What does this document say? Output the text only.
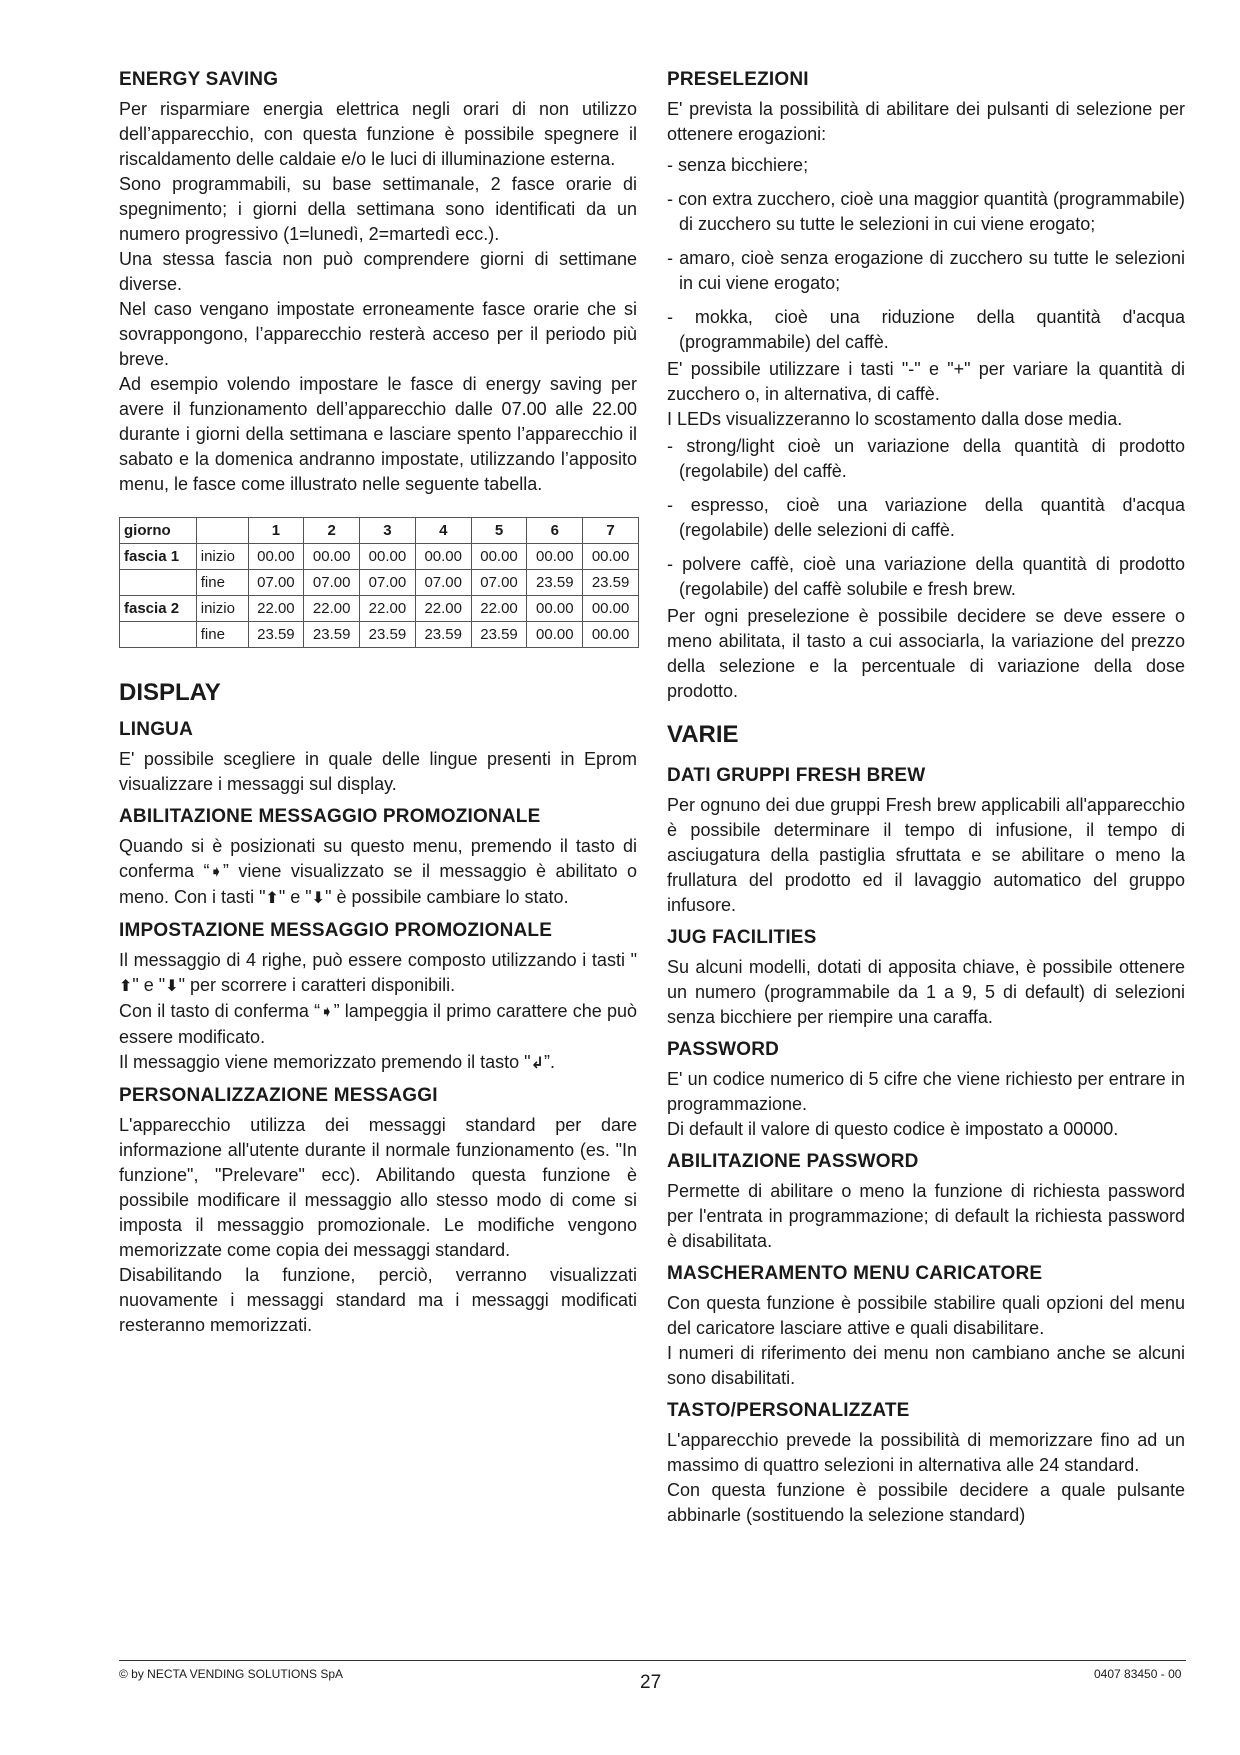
ENERGY SAVING

Per risparmiare energia elettrica negli orari di non utilizzo dell’apparecchio, con questa funzione è possibile spegnere il riscaldamento delle caldaie e/o le luci di illuminazione esterna.

Sono programmabili, su base settimanale, 2 fasce orarie di spegnimento; i giorni della settimana sono identificati da un numero progressivo (1=lunedì, 2=martedì ecc.).

Una stessa fascia non può comprendere giorni di settimane diverse.

Nel caso vengano impostate erroneamente fasce orarie che si sovrappongono, l’apparecchio resterà acceso per il periodo più breve.

Ad esempio volendo impostare le fasce di energy saving per avere il funzionamento dell’apparecchio dalle 07.00 alle 22.00 durante i giorni della settimana e lasciare spento l’apparecchio il sabato e la domenica andranno impostate, utilizzando l’apposito menu, le fasce come illustrato nelle seguente tabella.

giorno		1	2	3	4	5	6	7
fascia 1	inizio	00.00	00.00	00.00	00.00	00.00	00.00	00.00
	fine	07.00	07.00	07.00	07.00	07.00	23.59	23.59
fascia 2	inizio	22.00	22.00	22.00	22.00	22.00	00.00	00.00
	fine	23.59	23.59	23.59	23.59	23.59	00.00	00.00
DISPLAY
LINGUA

E' possibile scegliere in quale delle lingue presenti in Eprom visualizzare i messaggi sul display.

ABILITAZIONE MESSAGGIO PROMOZIONALE

Quando si è posizionati su questo menu, premendo il tasto di conferma “➧” viene visualizzato se il messaggio è abilitato o meno. Con i tasti "⬆" e "⬇" è possibile cambiare lo stato.

IMPOSTAZIONE MESSAGGIO PROMOZIONALE

Il messaggio di 4 righe, può essere composto utilizzando i tasti "⬆" e "⬇" per scorrere i caratteri disponibili.

Con il tasto di conferma “➧” lampeggia il primo carattere che può essere modificato.

Il messaggio viene memorizzato premendo il tasto "↲”.

PERSONALIZZAZIONE MESSAGGI

L'apparecchio utilizza dei messaggi standard per dare informazione all'utente durante il normale funzionamento (es. "In funzione", "Prelevare" ecc). Abilitando questa funzione è possibile modificare il messaggio allo stesso modo di come si imposta il messaggio promozionale. Le modifiche vengono memorizzate come copia dei messaggi standard.

Disabilitando la funzione, perciò, verranno visualizzati nuovamente i messaggi standard ma i messaggi modificati resteranno memorizzati.

PRESELEZIONI

E' prevista la possibilità di abilitare dei pulsanti di selezione per ottenere erogazioni:

- senza bicchiere;
- con extra zucchero, cioè una maggior quantità (programmabile) di zucchero su tutte le selezioni in cui viene erogato;
- amaro, cioè senza erogazione di zucchero su tutte le selezioni in cui viene erogato;
- mokka, cioè una riduzione della quantità d'acqua (programmabile) del caffè.

E' possibile utilizzare i tasti "-" e "+" per variare la quantità di zucchero o, in alternativa, di caffè.

I LEDs visualizzeranno lo scostamento dalla dose media.

- strong/light cioè un variazione della quantità di prodotto (regolabile) del caffè.
- espresso, cioè una variazione della quantità d'acqua (regolabile) delle selezioni di caffè.
- polvere caffè, cioè una variazione della quantità di prodotto (regolabile) del caffè solubile e fresh brew.

Per ogni preselezione è possibile decidere se deve essere o meno abilitata, il tasto a cui associarla, la variazione del prezzo della selezione e la percentuale di variazione della dose prodotto.

VARIE
DATI GRUPPI FRESH BREW

Per ognuno dei due gruppi Fresh brew applicabili all'apparecchio è possibile determinare il tempo di infusione, il tempo di asciugatura della pastiglia sfruttata e se abilitare o meno la frullatura del prodotto ed il lavaggio automatico del gruppo infusore.

JUG FACILITIES

Su alcuni modelli, dotati di apposita chiave, è possibile ottenere un numero (programmabile da 1 a 9, 5 di default) di selezioni senza bicchiere per riempire una caraffa.

PASSWORD

E' un codice numerico di 5 cifre che viene richiesto per entrare in programmazione.

Di default il valore di questo codice è impostato a 00000.

ABILITAZIONE PASSWORD

Permette di abilitare o meno la funzione di richiesta password per l'entrata in programmazione; di default la richiesta password è disabilitata.

MASCHERAMENTO MENU CARICATORE

Con questa funzione è possibile stabilire quali opzioni del menu del caricatore lasciare attive e quali disabilitare.

I numeri di riferimento dei menu non cambiano anche se alcuni sono disabilitati.

TASTO/PERSONALIZZATE

L'apparecchio prevede la possibilità di memorizzare fino ad un massimo di quattro selezioni in alternativa alle 24 standard.

Con questa funzione è possibile decidere a quale pulsante abbinarle (sostituendo la selezione standard)

© by NECTA VENDING SOLUTIONS SpA	27	0407 83450 - 00
